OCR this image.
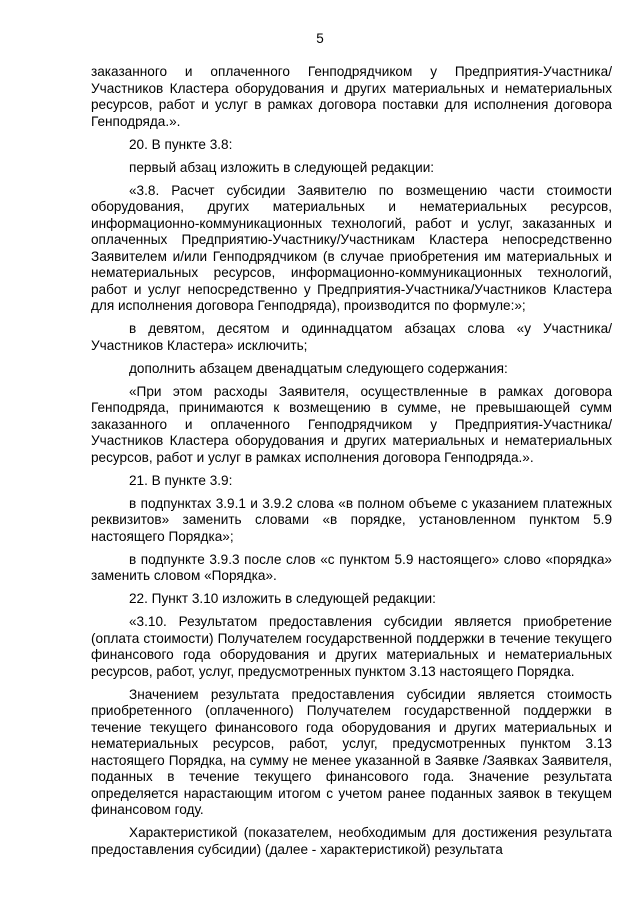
5

заказанного и оплаченного Генподрядчиком у Предприятия-Участника/Участников Кластера оборудования и других материальных и нематериальных ресурсов, работ и услуг в рамках договора поставки для исполнения договора Генподряда.».

20. В пункте 3.8:

первый абзац изложить в следующей редакции:

«3.8. Расчет субсидии Заявителю по возмещению части стоимости оборудования, других материальных и нематериальных ресурсов, информационно-коммуникационных технологий, работ и услуг, заказанных и оплаченных Предприятию-Участнику/Участникам Кластера непосредственно Заявителем и/или Генподрядчиком (в случае приобретения им материальных и нематериальных ресурсов, информационно-коммуникационных технологий, работ и услуг непосредственно у Предприятия-Участника/Участников Кластера для исполнения договора Генподряда), производится по формуле:»;

в девятом, десятом и одиннадцатом абзацах слова «у Участника/Участников Кластера» исключить;

дополнить абзацем двенадцатым следующего содержания:

«При этом расходы Заявителя, осуществленные в рамках договора Генподряда, принимаются к возмещению в сумме, не превышающей сумм заказанного и оплаченного Генподрядчиком у Предприятия-Участника/Участников Кластера оборудования и других материальных и нематериальных ресурсов, работ и услуг в рамках исполнения договора Генподряда.».

21. В пункте 3.9:

в подпунктах 3.9.1 и 3.9.2 слова «в полном объеме с указанием платежных реквизитов» заменить словами «в порядке, установленном пунктом 5.9 настоящего Порядка»;

в подпункте 3.9.3 после слов «с пунктом 5.9 настоящего» слово «порядка» заменить словом «Порядка».

22. Пункт 3.10 изложить в следующей редакции:

«3.10. Результатом предоставления субсидии является приобретение (оплата стоимости) Получателем государственной поддержки в течение текущего финансового года оборудования и других материальных и нематериальных ресурсов, работ, услуг, предусмотренных пунктом 3.13 настоящего Порядка.

Значением результата предоставления субсидии является стоимость приобретенного (оплаченного) Получателем государственной поддержки в течение текущего финансового года оборудования и других материальных и нематериальных ресурсов, работ, услуг, предусмотренных пунктом 3.13 настоящего Порядка, на сумму не менее указанной в Заявке /Заявках Заявителя, поданных в течение текущего финансового года. Значение результата определяется нарастающим итогом с учетом ранее поданных заявок в текущем финансовом году.

Характеристикой (показателем, необходимым для достижения результата предоставления субсидии) (далее - характеристикой) результата
